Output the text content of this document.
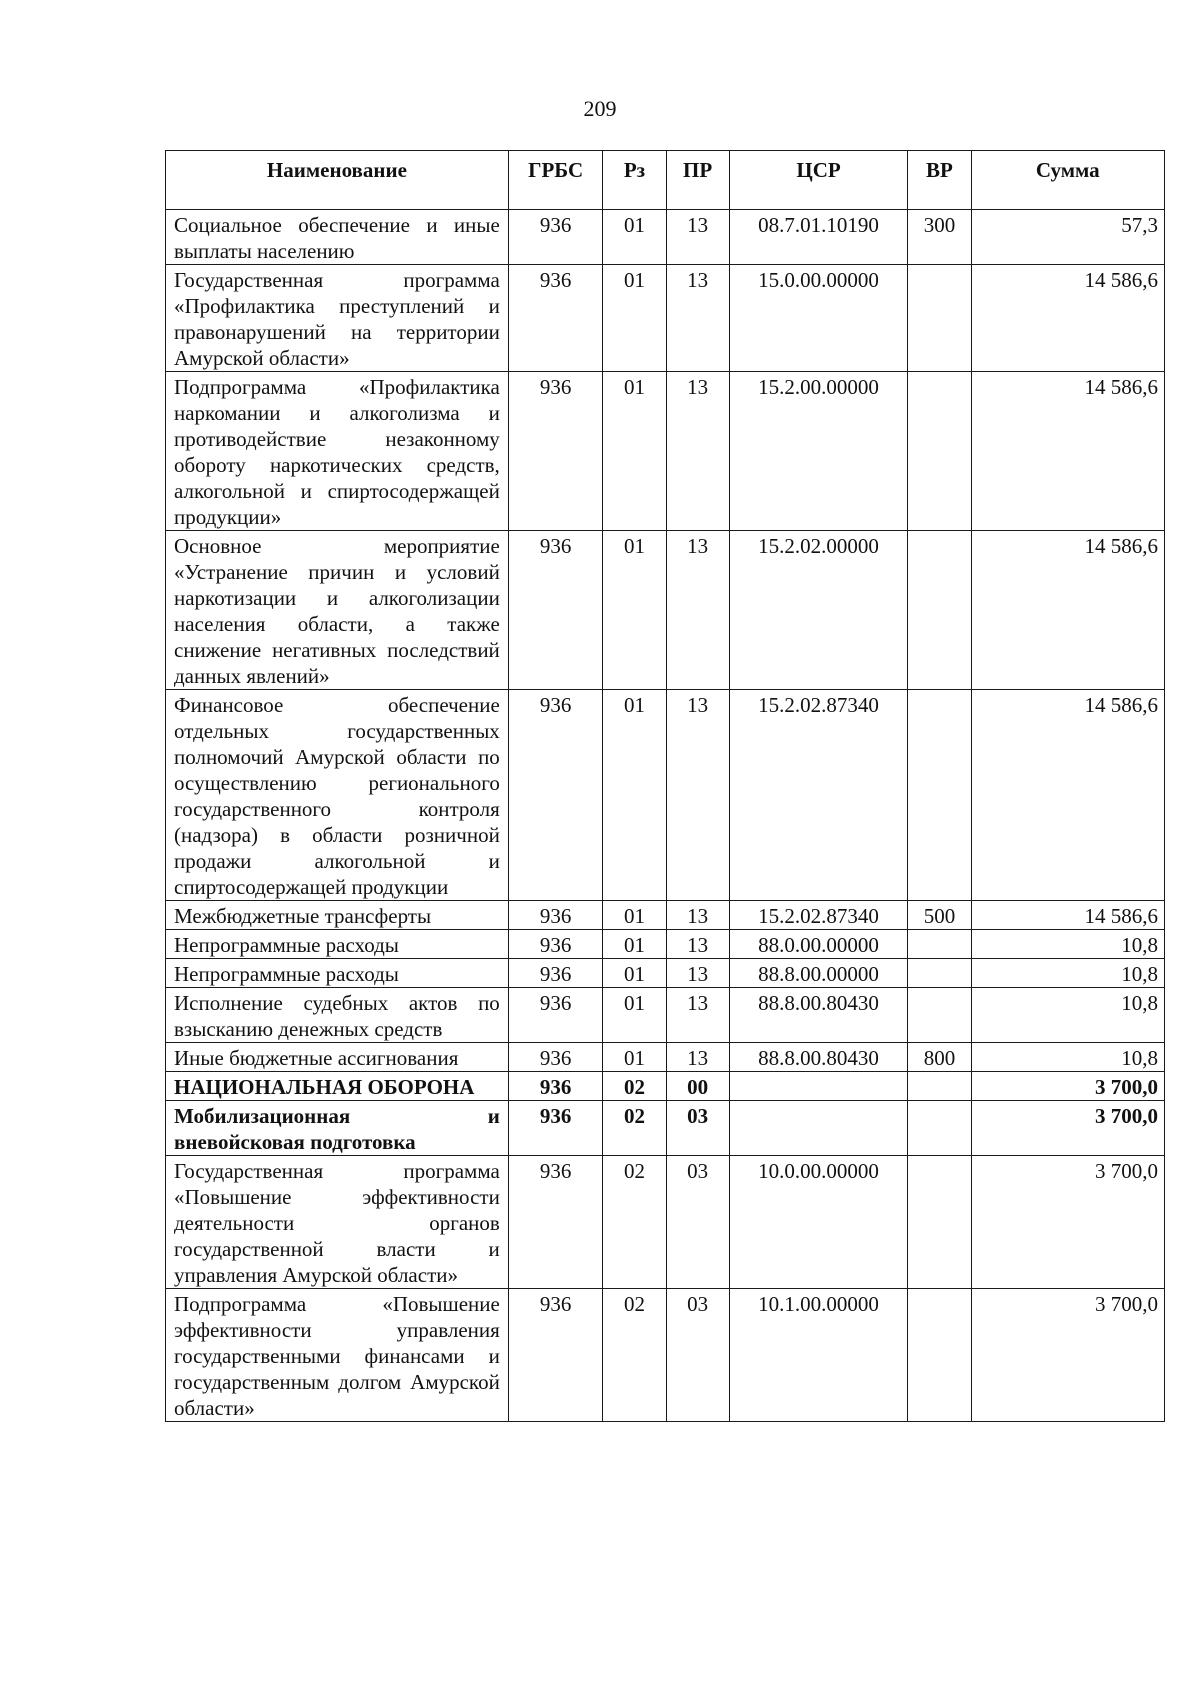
209
Наименование	ГРБС	Рз	ПР	ЦСР	ВР	Сумма
Социальное обеспечение и иные выплаты населению	936	01	13	08.7.01.10190	300	57,3
Государственная программа «Профилактика преступлений и правонарушений на территории Амурской области»	936	01	13	15.0.00.00000		14 586,6
Подпрограмма «Профилактика наркомании и алкоголизма и противодействие незаконному обороту наркотических средств, алкогольной и спиртосодержащей продукции»	936	01	13	15.2.00.00000		14 586,6
Основное мероприятие «Устранение причин и условий наркотизации и алкоголизации населения области, а также снижение негативных последствий данных явлений»	936	01	13	15.2.02.00000		14 586,6
Финансовое обеспечение отдельных государственных полномочий Амурской области по осуществлению регионального государственного контроля (надзора) в области розничной продажи алкогольной и спиртосодержащей продукции	936	01	13	15.2.02.87340		14 586,6
Межбюджетные трансферты	936	01	13	15.2.02.87340	500	14 586,6
Непрограммные расходы	936	01	13	88.0.00.00000		10,8
Непрограммные расходы	936	01	13	88.8.00.00000		10,8
Исполнение судебных актов по взысканию денежных средств	936	01	13	88.8.00.80430		10,8
Иные бюджетные ассигнования	936	01	13	88.8.00.80430	800	10,8
НАЦИОНАЛЬНАЯ ОБОРОНА	936	02	00			3 700,0
Мобилизационная и вневойсковая подготовка	936	02	03			3 700,0
Государственная программа «Повышение эффективности деятельности органов государственной власти и управления Амурской области»	936	02	03	10.0.00.00000		3 700,0
Подпрограмма «Повышение эффективности управления государственными финансами и государственным долгом Амурской области»	936	02	03	10.1.00.00000		3 700,0
